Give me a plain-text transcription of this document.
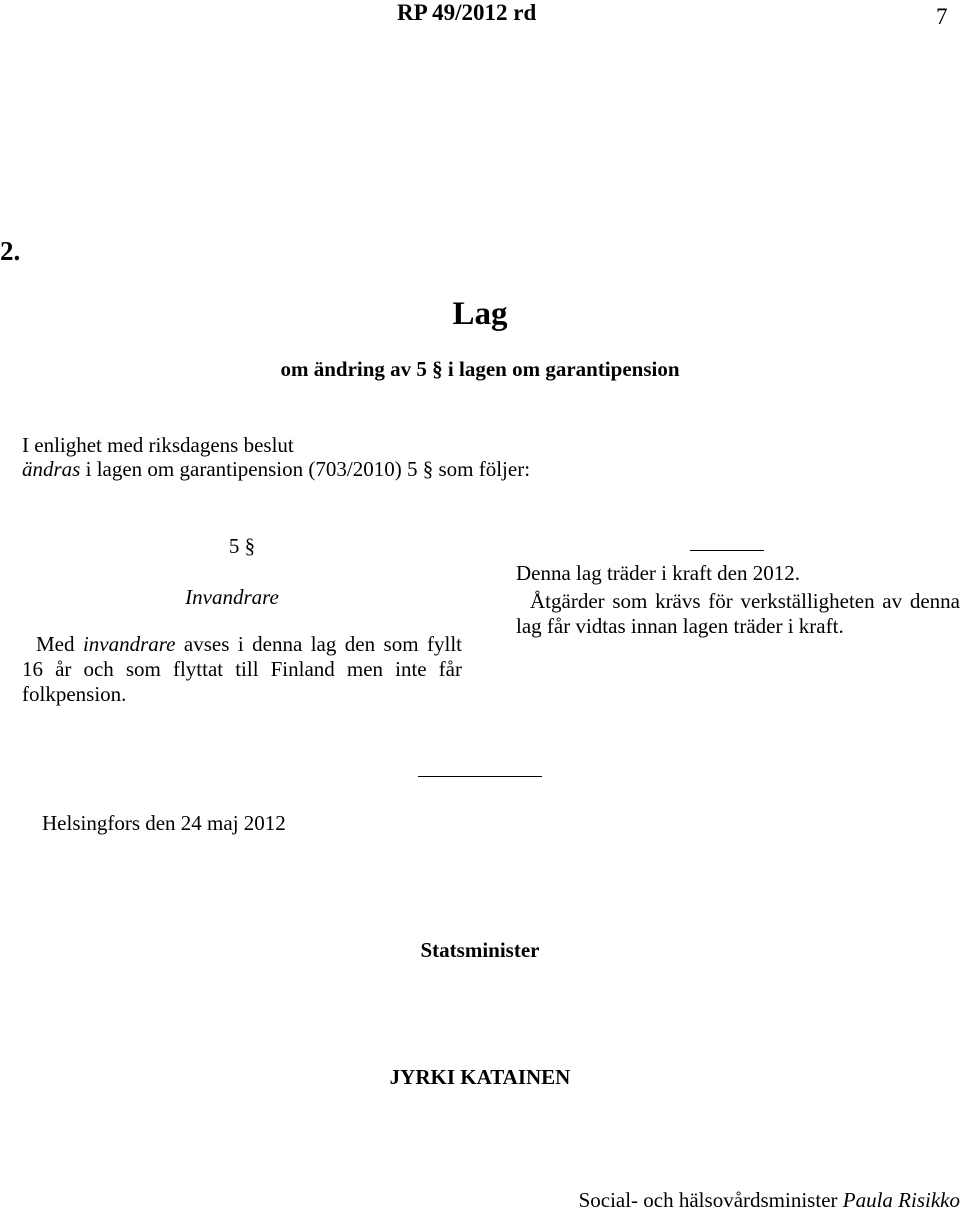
RP 49/2012 rd	7
2.
Lag
om ändring av 5 § i lagen om garantipension
I enlighet med riksdagens beslut
ändras i lagen om garantipension (703/2010) 5 § som följer:
5 §
Invandrare

Med invandrare avses i denna lag den som fyllt 16 år och som flyttat till Finland men inte får folkpension.

Denna lag träder i kraft den 2012.
Åtgärder som krävs för verkställigheten av denna lag får vidtas innan lagen träder i kraft.
Helsingfors den 24 maj 2012
Statsminister
JYRKI KATAINEN
Social- och hälsovårdsminister Paula Risikko
